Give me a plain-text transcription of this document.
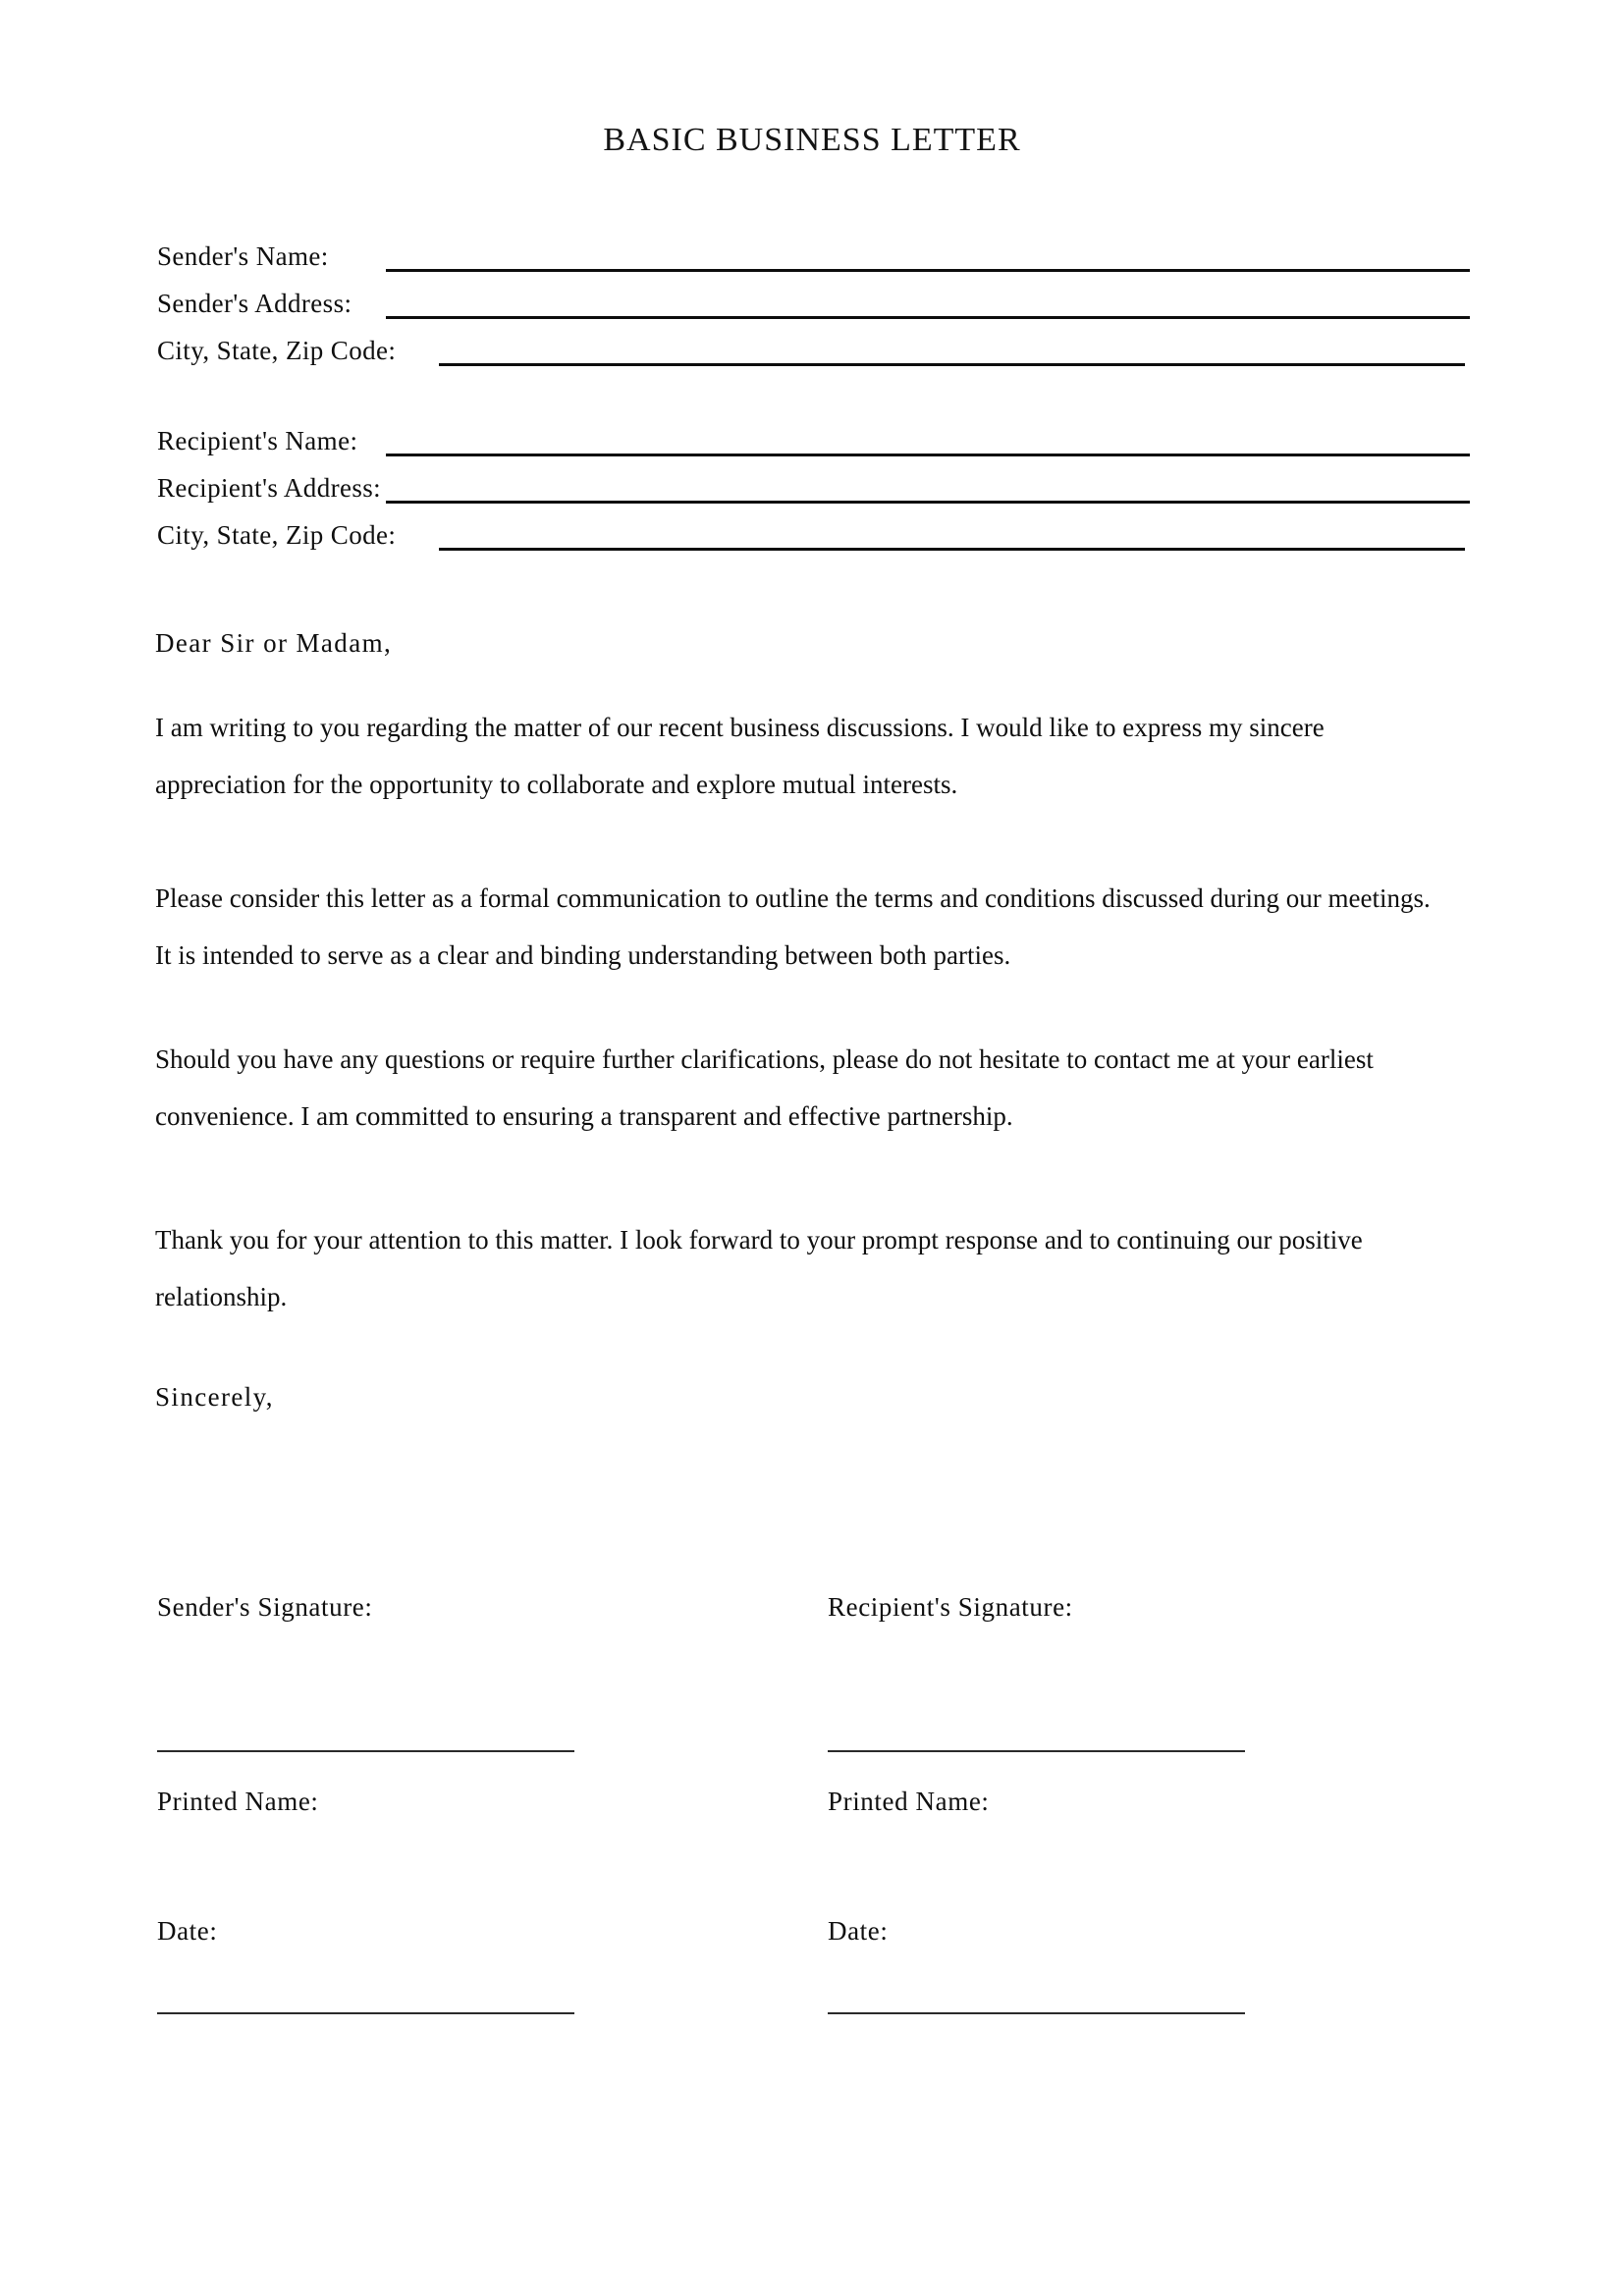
BASIC BUSINESS LETTER
Sender's Name:
Sender's Address:
City, State, Zip Code:
Recipient's Name:
Recipient's Address:
City, State, Zip Code:

Dear Sir or Madam,

I am writing to you regarding the matter of our recent business discussions. I would like to express my sincere
appreciation for the opportunity to collaborate and explore mutual interests.
Please consider this letter as a formal communication to outline the terms and conditions discussed during our meetings.
It is intended to serve as a clear and binding understanding between both parties.
Should you have any questions or require further clarifications, please do not hesitate to contact me at your earliest
convenience. I am committed to ensuring a transparent and effective partnership.
Thank you for your attention to this matter. I look forward to your prompt response and to continuing our positive
relationship.

Sincerely,

Sender's Signature:

Printed Name:

Date:

Recipient's Signature:

Printed Name:

Date:
